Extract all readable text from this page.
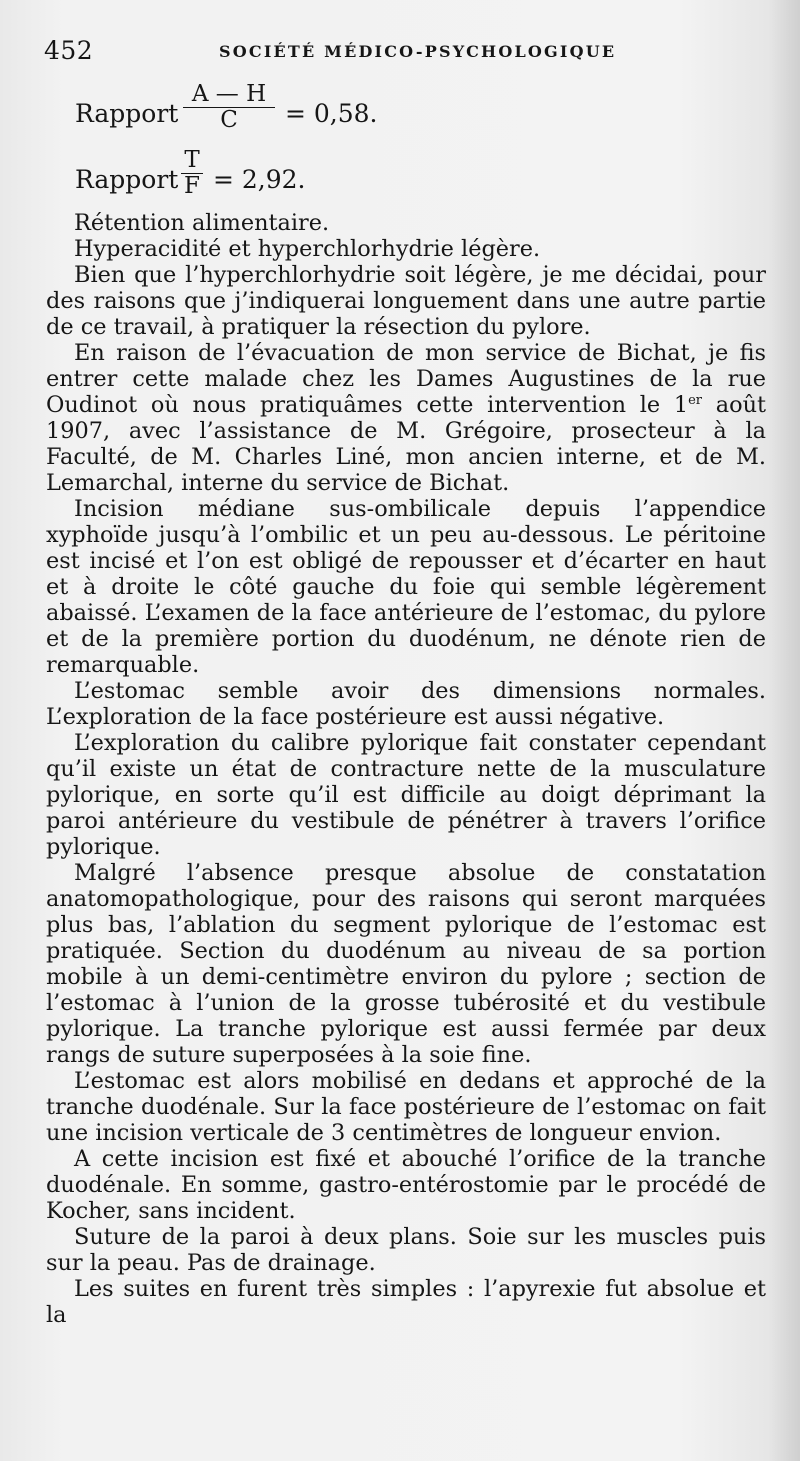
452	SOCIÉTÉ MÉDICO-PSYCHOLOGIQUE
Rapport
A — H
C	= 0,58.
Rapport
T
F = 2,92.

Rétention alimentaire.

Hyperacidité et hyperchlorhydrie légère.

Bien que l’hyperchlorhydrie soit légère, je me décidai, pour des raisons que j’indiquerai longuement dans une autre partie de ce travail, à pratiquer la résection du pylore.

En raison de l’évacuation de mon service de Bichat, je fis entrer cette malade chez les Dames Augustines de la rue Oudinot où nous pratiquâmes cette intervention le 1er août 1907, avec l’assistance de M. Grégoire, prosecteur à la Faculté, de M. Charles Liné, mon ancien interne, et de M. Lemarchal, interne du service de Bichat.

Incision médiane sus-ombilicale depuis l’appendice xyphoïde jusqu’à l’ombilic et un peu au-dessous. Le péritoine est incisé et l’on est obligé de repousser et d’écarter en haut et à droite le côté gauche du foie qui semble légèrement abaissé. L’examen de la face antérieure de l’estomac, du pylore et de la première portion du duodénum, ne dénote rien de remarquable.

L’estomac semble avoir des dimensions normales. L’exploration de la face postérieure est aussi négative.

L’exploration du calibre pylorique fait constater cependant qu’il existe un état de contracture nette de la musculature pylorique, en sorte qu’il est difficile au doigt déprimant la paroi antérieure du vestibule de pénétrer à travers l’orifice pylorique.

Malgré l’absence presque absolue de constatation anatomopathologique, pour des raisons qui seront marquées plus bas, l’ablation du segment pylorique de l’estomac est pratiquée. Section du duodénum au niveau de sa portion mobile à un demi-centimètre environ du pylore ; section de l’estomac à l’union de la grosse tubérosité et du vestibule pylorique. La tranche pylorique est aussi fermée par deux rangs de suture superposées à la soie fine.

L’estomac est alors mobilisé en dedans et approché de la tranche duodénale. Sur la face postérieure de l’estomac on fait une incision verticale de 3 centimètres de longueur envion.

A cette incision est fixé et abouché l’orifice de la tranche duodénale. En somme, gastro-entérostomie par le procédé de Kocher, sans incident.

Suture de la paroi à deux plans. Soie sur les muscles puis sur la peau. Pas de drainage.

Les suites en furent très simples : l’apyrexie fut absolue et la
